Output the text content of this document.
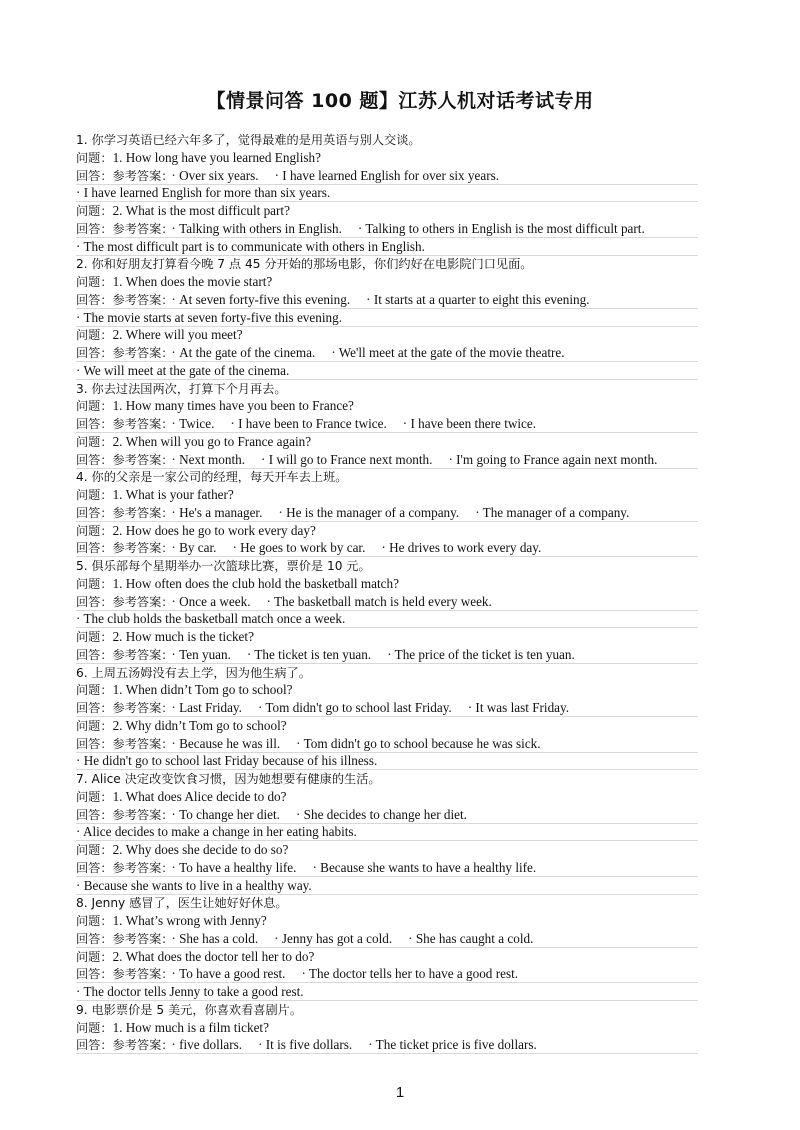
【情景问答 100 题】江苏人机对话考试专用
1. 你学习英语已经六年多了，觉得最难的是用英语与别人交谈。
问题：1. How long have you learned English?
回答：参考答案： · Over six years. · I have learned English for over six years.
· I have learned English for more than six years.
问题：2. What is the most difficult part?
回答：参考答案： · Talking with others in English. · Talking to others in English is the most difficult part.
· The most difficult part is to communicate with others in English.
2. 你和好朋友打算看今晚 7 点 45 分开始的那场电影，你们约好在电影院门口见面。
问题：1. When does the movie start?
回答：参考答案： · At seven forty-five this evening. · It starts at a quarter to eight this evening.
· The movie starts at seven forty-five this evening.
问题：2. Where will you meet?
回答：参考答案： · At the gate of the cinema. · We'll meet at the gate of the movie theatre.
· We will meet at the gate of the cinema.
3. 你去过法国两次，打算下个月再去。
问题：1. How many times have you been to France?
回答：参考答案： · Twice. · I have been to France twice. · I have been there twice.
问题：2. When will you go to France again?
回答：参考答案： · Next month. · I will go to France next month. · I'm going to France again next month.
4. 你的父亲是一家公司的经理，每天开车去上班。
问题：1. What is your father?
回答：参考答案： · He's a manager. · He is the manager of a company. · The manager of a company.
问题：2. How does he go to work every day?
回答：参考答案： · By car. · He goes to work by car. · He drives to work every day.
5. 俱乐部每个星期举办一次篮球比赛，票价是 10 元。
问题：1. How often does the club hold the basketball match?
回答：参考答案： · Once a week. · The basketball match is held every week.
· The club holds the basketball match once a week.
问题：2. How much is the ticket?
回答：参考答案： · Ten yuan. · The ticket is ten yuan. · The price of the ticket is ten yuan.
6. 上周五汤姆没有去上学，因为他生病了。
问题：1. When didn’t Tom go to school?
回答：参考答案： · Last Friday. · Tom didn't go to school last Friday. · It was last Friday.
问题：2. Why didn’t Tom go to school?
回答：参考答案： · Because he was ill. · Tom didn't go to school because he was sick.
· He didn't go to school last Friday because of his illness.
7. Alice 决定改变饮食习惯，因为她想要有健康的生活。
问题：1. What does Alice decide to do?
回答：参考答案： · To change her diet. · She decides to change her diet.
· Alice decides to make a change in her eating habits.
问题：2. Why does she decide to do so?
回答：参考答案： · To have a healthy life. · Because she wants to have a healthy life.
· Because she wants to live in a healthy way.
8. Jenny 感冒了，医生让她好好休息。
问题：1. What’s wrong with Jenny?
回答：参考答案： · She has a cold. · Jenny has got a cold. · She has caught a cold.
问题：2. What does the doctor tell her to do?
回答：参考答案： · To have a good rest. · The doctor tells her to have a good rest.
· The doctor tells Jenny to take a good rest.
9. 电影票价是 5 美元，你喜欢看喜剧片。
问题：1. How much is a film ticket?
回答：参考答案： · five dollars. · It is five dollars. · The ticket price is five dollars.
1
